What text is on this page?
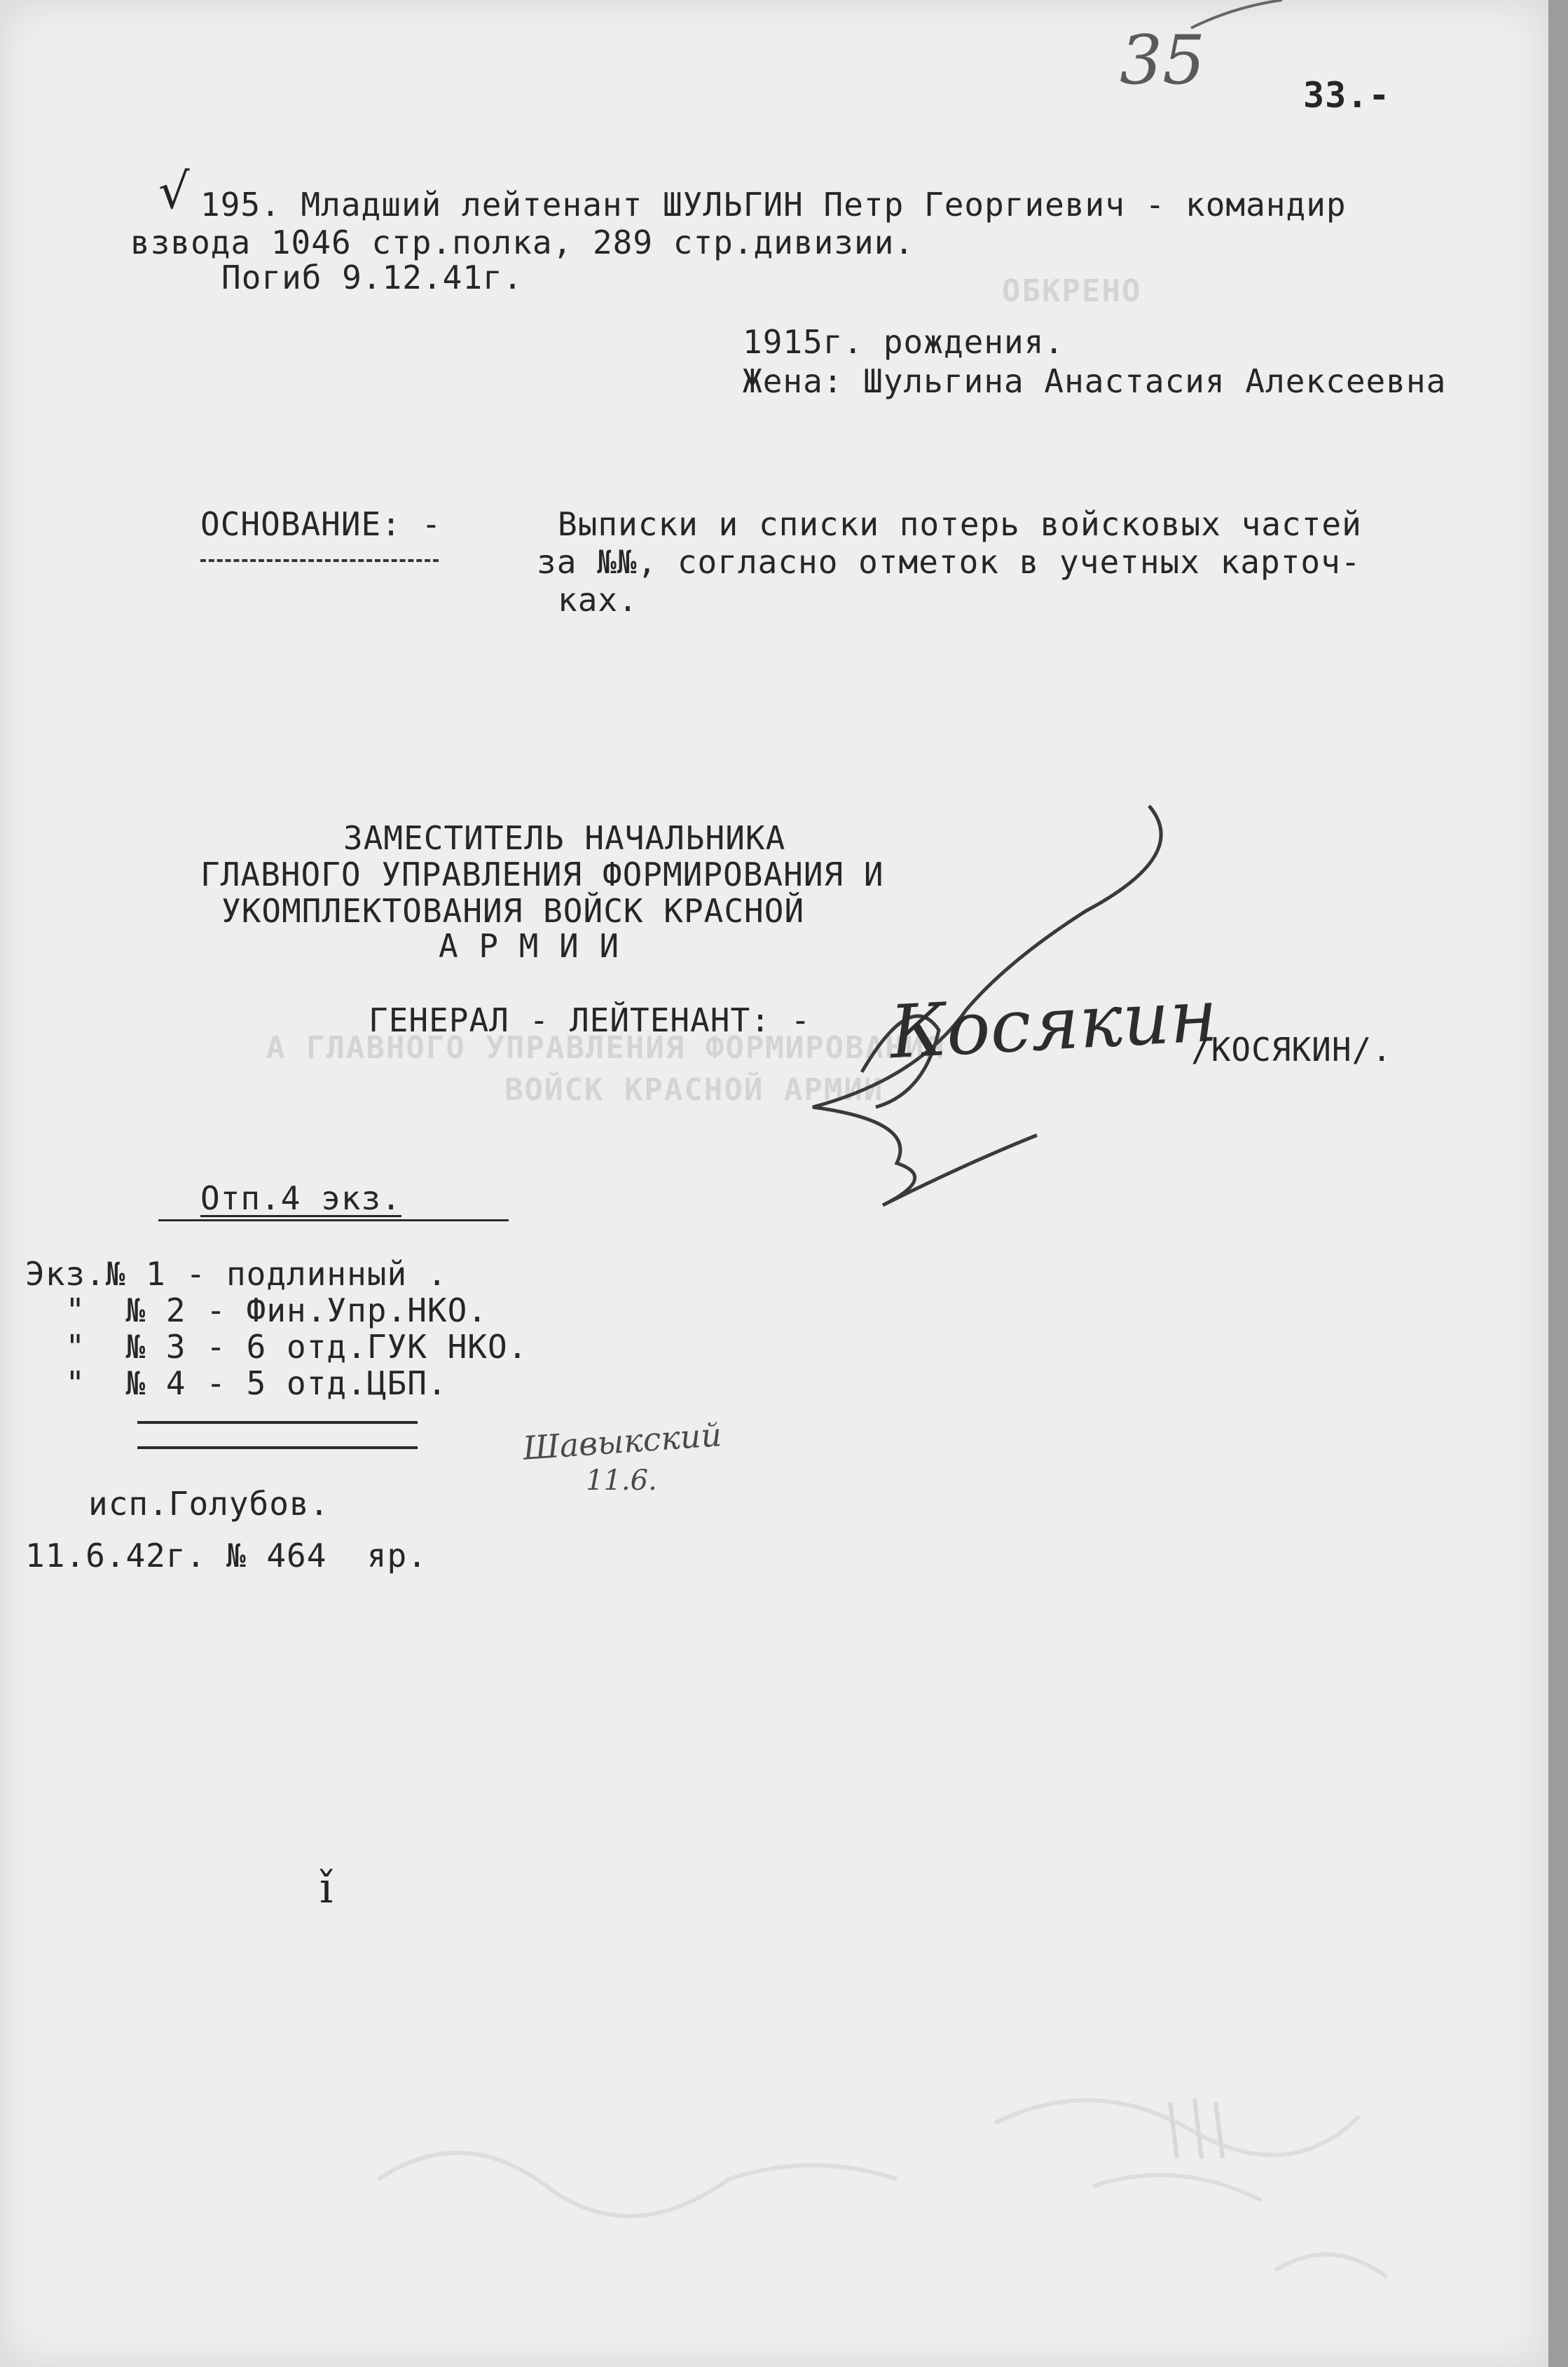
ОБКРЕНО
35	33.-
√ 195. Младший лейтенант ШУЛЬГИН Петр Георгиевич - командир
взвода 1046 стр.полка, 289 стр.дивизии.
Погиб 9.12.41г.
1915г. рождения.
Жена: Шульгина Анастасия Алексеевна
ОСНОВАНИЕ: -	Выписки и списки потерь войсковых частей
за №№, согласно отметок в учетных карточ-
ках.
ЗАМЕСТИТЕЛЬ НАЧАЛЬНИКА
ГЛАВНОГО УПРАВЛЕНИЯ ФОРМИРОВАНИЯ И
УКОМПЛЕКТОВАНИЯ ВОЙСК КРАСНОЙ
А Р М И И
ГЕНЕРАЛ - ЛЕЙТЕНАНТ: -
А ГЛАВНОГО УПРАВЛЕНИЯ ФОРМИРОВАНИЯ
ВОЙСК КРАСНОЙ АРМИИ
Косякин
/КОСЯКИН/.
Отп.4 экз.
Экз.№ 1 - подлинный .
"  № 2 - Фин.Упр.НКО.
"  № 3 - 6 отд.ГУК НКО.
"  № 4 - 5 отд.ЦБП.
Шавыкский
11.6.
исп.Голубов.
11.6.42г. № 464  яр.
ǐ
